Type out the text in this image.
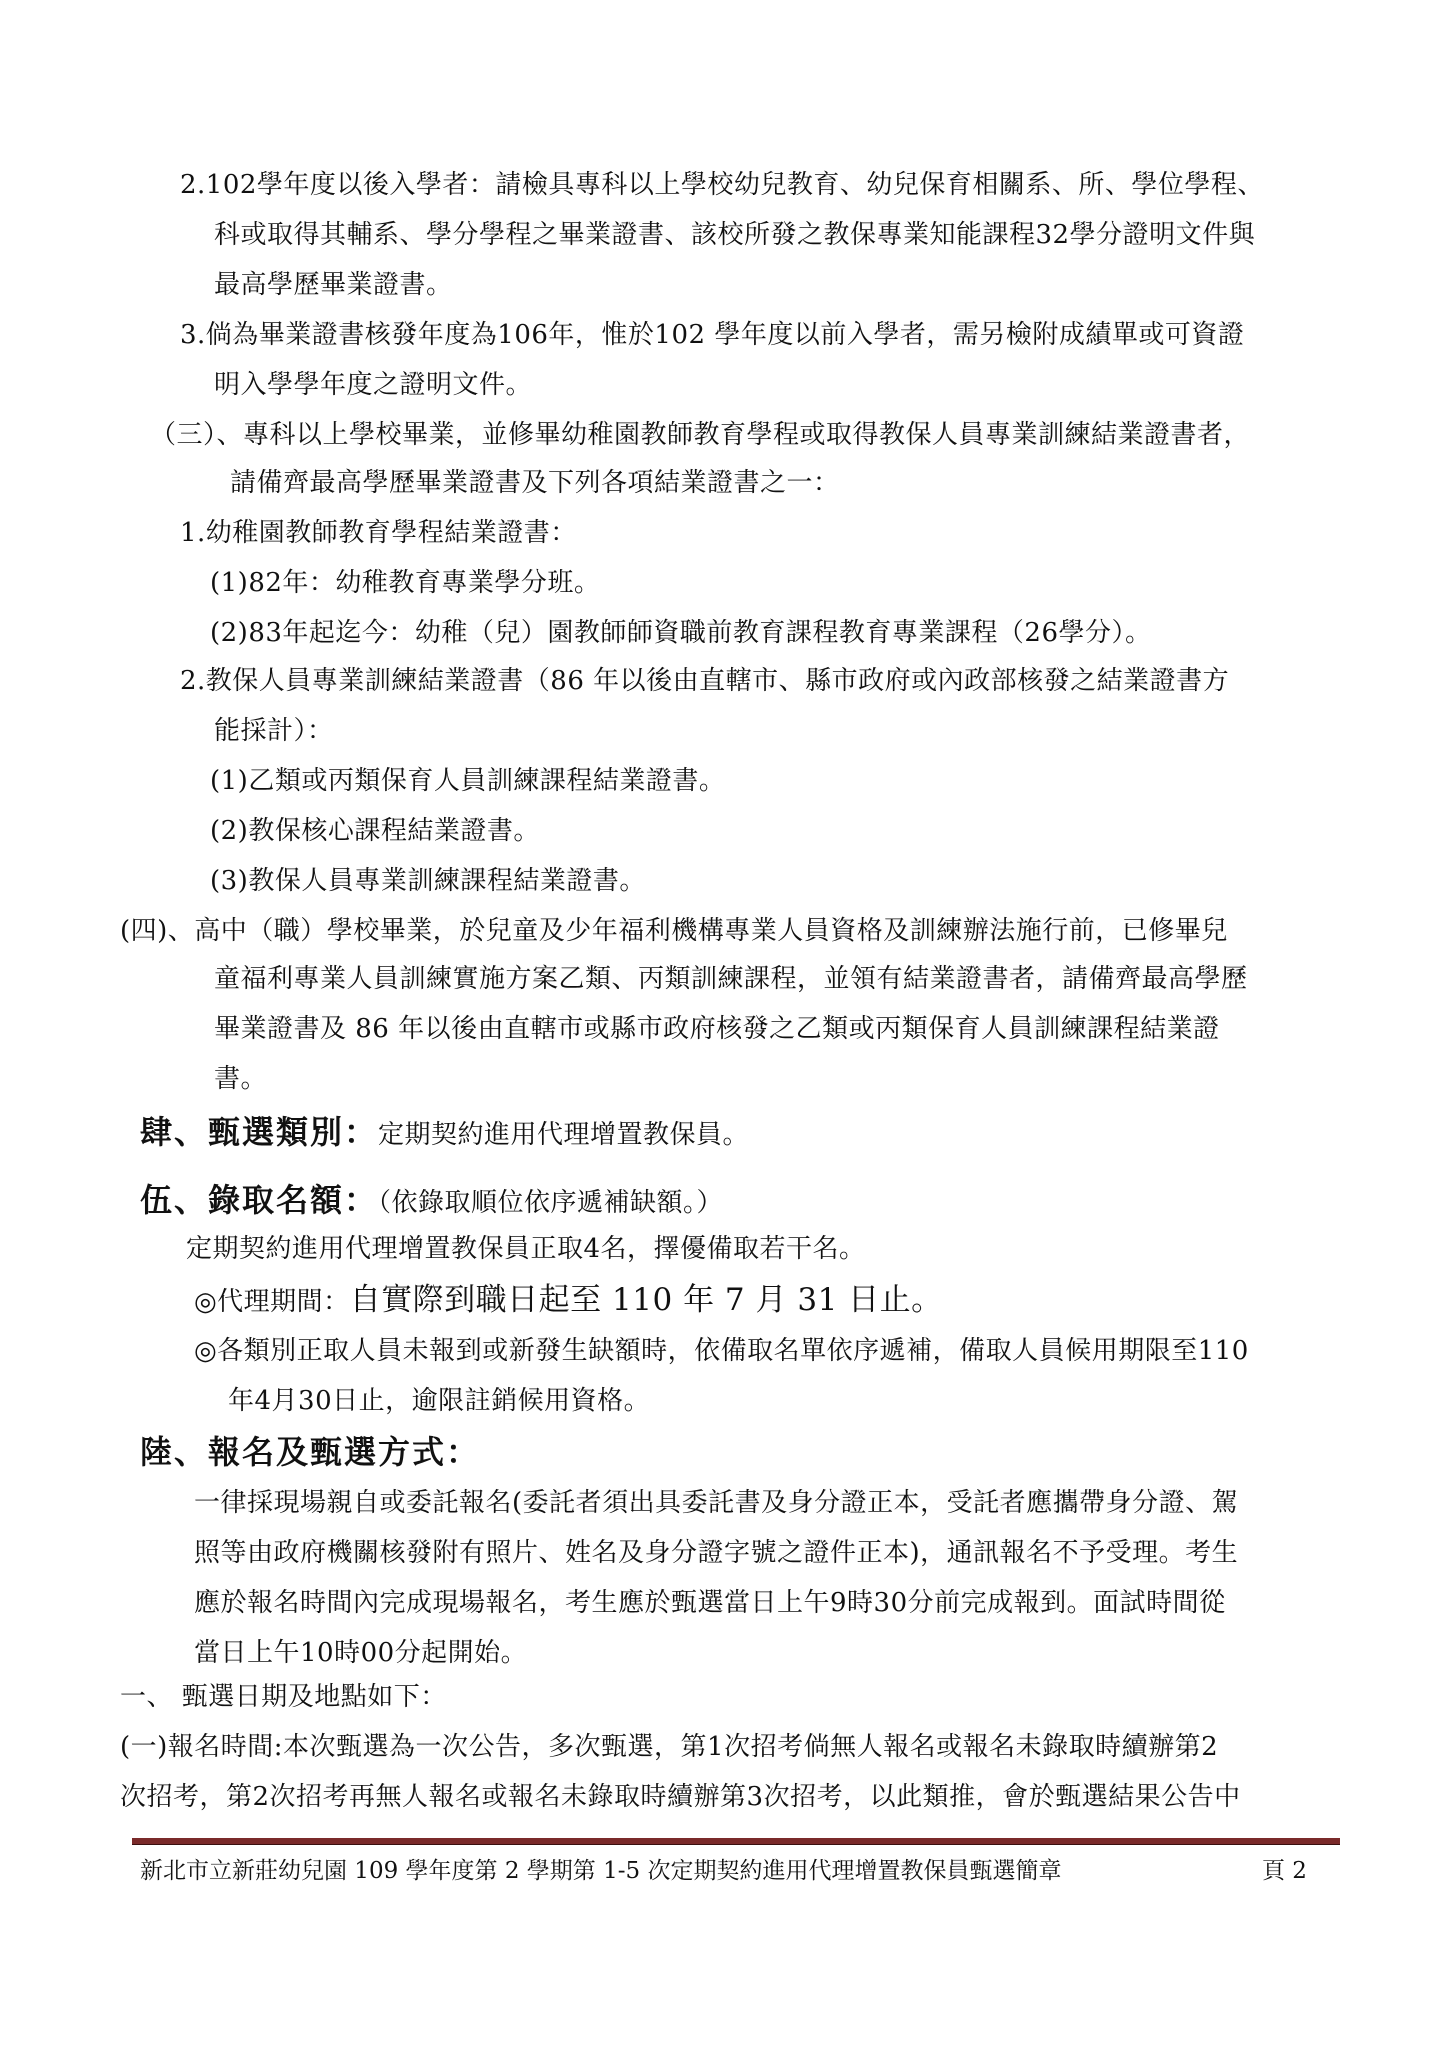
2.102學年度以後入學者：請檢具專科以上學校幼兒教育、幼兒保育相關系、所、學位學程、
科或取得其輔系、學分學程之畢業證書、該校所發之教保專業知能課程32學分證明文件與
最高學歷畢業證書。
3.倘為畢業證書核發年度為106年，惟於102 學年度以前入學者，需另檢附成績單或可資證
明入學學年度之證明文件。
（三）、專科以上學校畢業，並修畢幼稚園教師教育學程或取得教保人員專業訓練結業證書者，
請備齊最高學歷畢業證書及下列各項結業證書之一：
1.幼稚園教師教育學程結業證書：
(1)82年：幼稚教育專業學分班。
(2)83年起迄今：幼稚（兒）園教師師資職前教育課程教育專業課程（26學分）。
2.教保人員專業訓練結業證書（86 年以後由直轄市、縣市政府或內政部核發之結業證書方
能採計）：
(1)乙類或丙類保育人員訓練課程結業證書。
(2)教保核心課程結業證書。
(3)教保人員專業訓練課程結業證書。
(四)、高中（職）學校畢業，於兒童及少年福利機構專業人員資格及訓練辦法施行前，已修畢兒
童福利專業人員訓練實施方案乙類、丙類訓練課程，並領有結業證書者，請備齊最高學歷
畢業證書及 86 年以後由直轄市或縣市政府核發之乙類或丙類保育人員訓練課程結業證
書。
肆、甄選類別：定期契約進用代理增置教保員。
伍、錄取名額：（依錄取順位依序遞補缺額。）
定期契約進用代理增置教保員正取4名，擇優備取若干名。
◎代理期間：自實際到職日起至 110 年 7 月 31 日止。
◎各類別正取人員未報到或新發生缺額時，依備取名單依序遞補，備取人員候用期限至110
年4月30日止，逾限註銷候用資格。
陸、報名及甄選方式：
一律採現場親自或委託報名(委託者須出具委託書及身分證正本，受託者應攜帶身分證、駕
照等由政府機關核發附有照片、姓名及身分證字號之證件正本)，通訊報名不予受理。考生
應於報名時間內完成現場報名，考生應於甄選當日上午9時30分前完成報到。面試時間從
當日上午10時00分起開始。
一、 甄選日期及地點如下：
(一)報名時間:本次甄選為一次公告，多次甄選，第1次招考倘無人報名或報名未錄取時續辦第2
次招考，第2次招考再無人報名或報名未錄取時續辦第3次招考，以此類推，會於甄選結果公告中
新北市立新莊幼兒園 109 學年度第 2 學期第 1-5 次定期契約進用代理增置教保員甄選簡章	頁 2
